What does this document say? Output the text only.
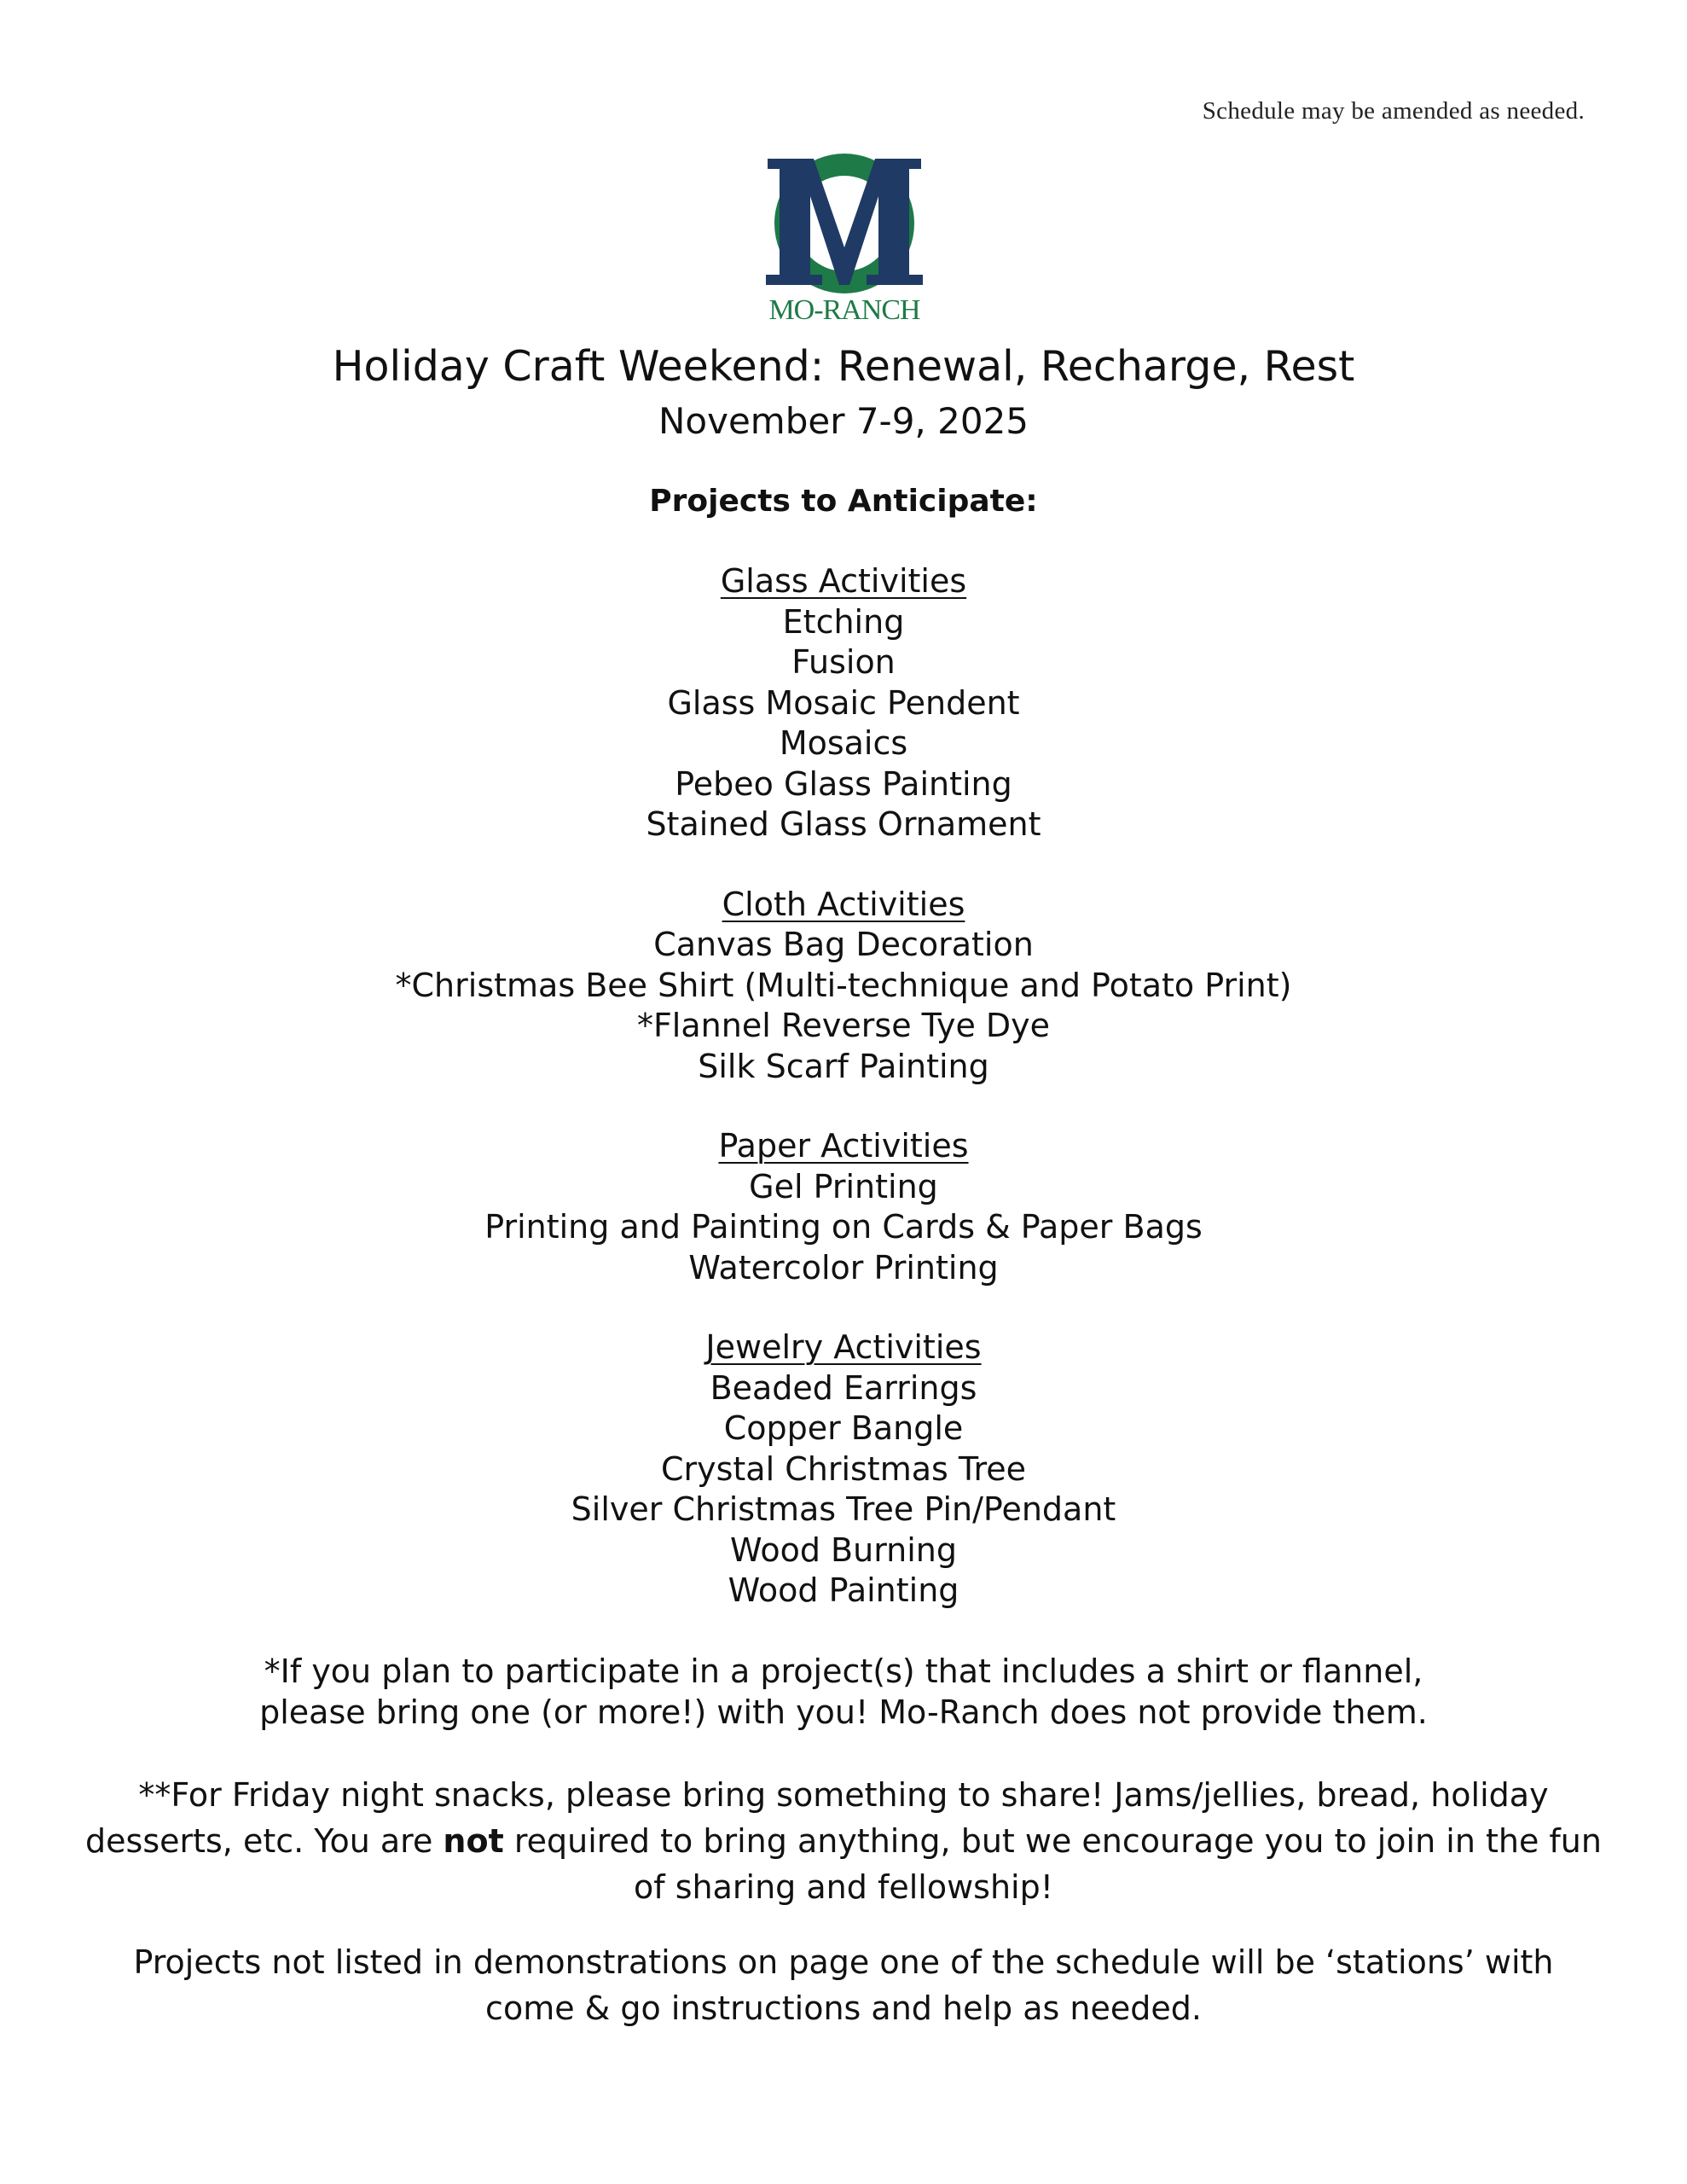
Schedule may be amended as needed.

MO-RANCH
Holiday Craft Weekend: Renewal, Recharge, Rest

November 7-9, 2025

Projects to Anticipate:

Glass Activities
Etching
Fusion
Glass Mosaic Pendent
Mosaics
Pebeo Glass Painting
Stained Glass Ornament
Cloth Activities
Canvas Bag Decoration
*Christmas Bee Shirt (Multi-technique and Potato Print)
*Flannel Reverse Tye Dye
Silk Scarf Painting
Paper Activities
Gel Printing
Printing and Painting on Cards & Paper Bags
Watercolor Printing
Jewelry Activities
Beaded Earrings
Copper Bangle
Crystal Christmas Tree
Silver Christmas Tree Pin/Pendant
Wood Burning
Wood Painting

*If you plan to participate in a project(s) that includes a shirt or flannel, please bring one (or more!) with you! Mo-Ranch does not provide them.

**For Friday night snacks, please bring something to share! Jams/jellies, bread, holiday desserts, etc. You are not required to bring anything, but we encourage you to join in the fun of sharing and fellowship!

Projects not listed in demonstrations on page one of the schedule will be ‘stations’ with come & go instructions and help as needed.
